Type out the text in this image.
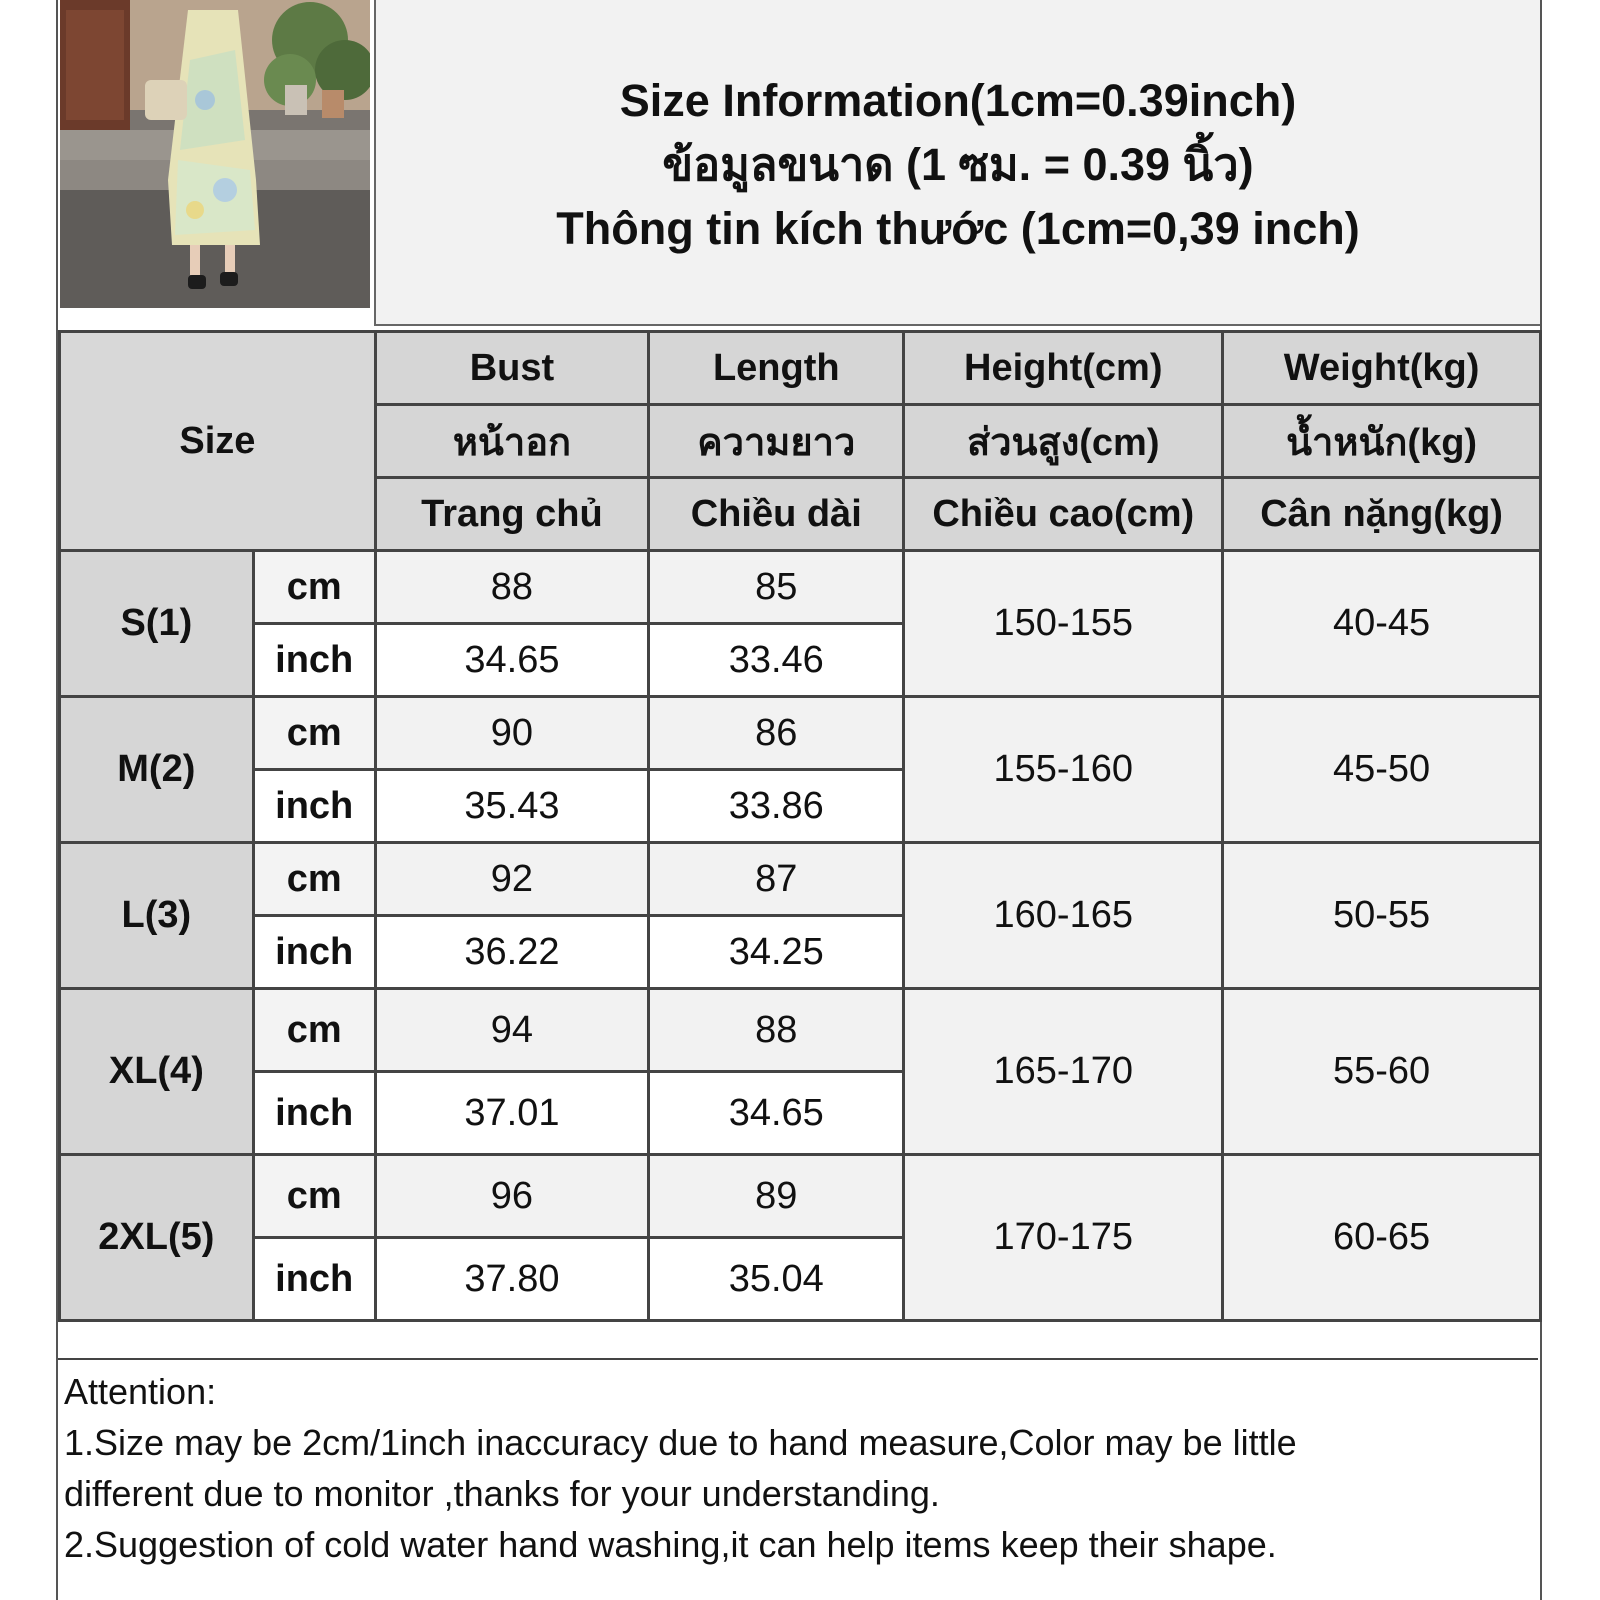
Size Information(1cm=0.39inch)
ข้อมูลขนาด (1 ซม. = 0.39 นิ้ว)
Thông tin kích thước (1cm=0,39 inch)
Size		Bust	Length	Height(cm)	Weight(kg)
		หน้าอก	ความยาว	ส่วนสูง(cm)	น้ำหนัก(kg)
		Trang chủ	Chiều dài	Chiều cao(cm)	Cân nặng(kg)
S(1)	cm	88	85	150-155	40-45
	inch	34.65	33.46		
M(2)	cm	90	86	155-160	45-50
	inch	35.43	33.86		
L(3)	cm	92	87	160-165	50-55
	inch	36.22	34.25		
XL(4)	cm	94	88	165-170	55-60
	inch	37.01	34.65		
2XL(5)	cm	96	89	170-175	60-65
	inch	37.80	35.04		
Attention:
1.Size may be 2cm/1inch inaccuracy due to hand measure,Color may be little
different due to monitor ,thanks for your understanding.
2.Suggestion of cold water hand washing,it can help items keep their shape.
